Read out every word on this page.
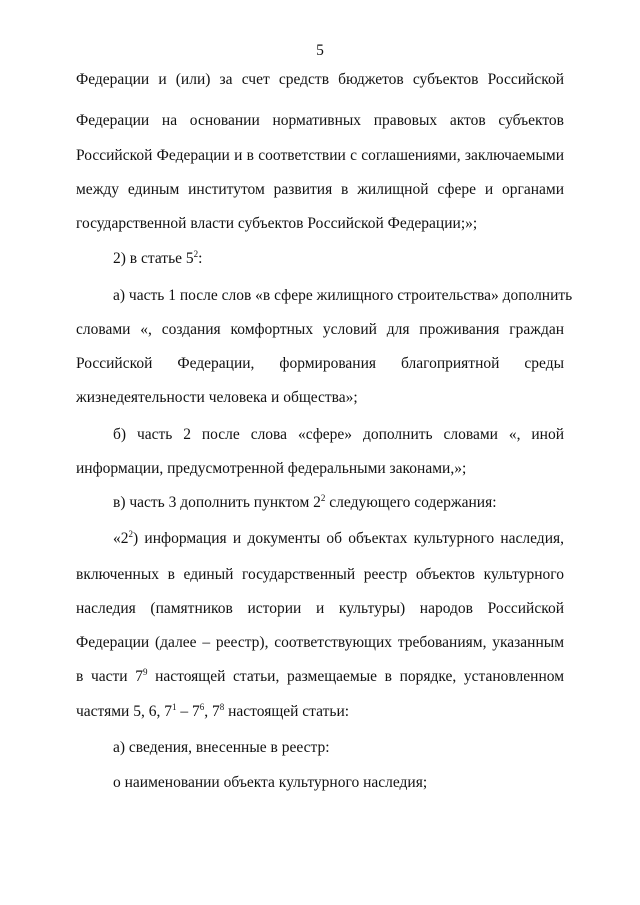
5
Федерации и (или) за счет средств бюджетов субъектов Российской
Федерации на основании нормативных правовых актов субъектов
Российской Федерации и в соответствии с соглашениями, заключаемыми
между единым институтом развития в жилищной сфере и органами
государственной власти субъектов Российской Федерации;»;
2) в статье $5^2$:
а) часть 1 после слов «в сфере жилищного строительства» дополнить
словами «, создания комфортных условий для проживания граждан
Российской Федерации, формирования благоприятной среды
жизнедеятельности человека и общества»;
б) часть 2 после слова «сфере» дополнить словами «, иной
информации, предусмотренной федеральными законами,»;
в) часть 3 дополнить пунктом $2^2$ следующего содержания:
«$2^2$) информация и документы об объектах культурного наследия,
включенных в единый государственный реестр объектов культурного
наследия (памятников истории и культуры) народов Российской
Федерации (далее – реестр), соответствующих требованиям, указанным
в части $7^9$ настоящей статьи, размещаемые в порядке, установленном
частями 5, 6, $7^1 - 7^6$, $7^8$ настоящей статьи:
а) сведения, внесенные в реестр:
о наименовании объекта культурного наследия;
